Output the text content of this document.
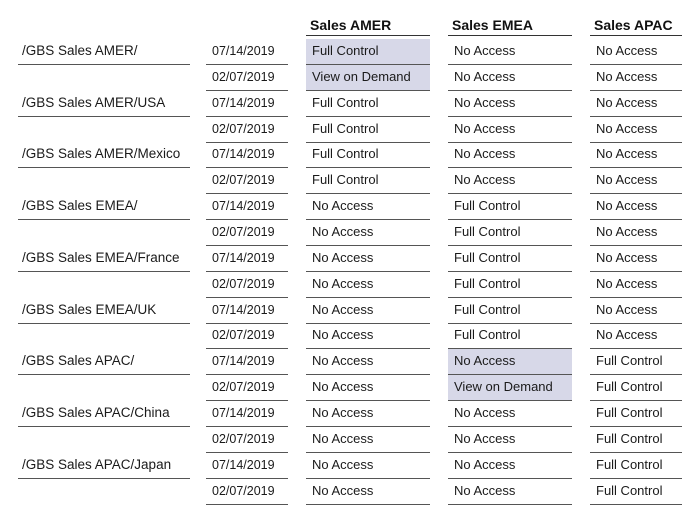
Sales AMER	Sales EMEA	Sales APAC
/GBS Sales AMER/	07/14/2019	Full Control	No Access	No Access
02/07/2019	View on Demand	No Access	No Access
/GBS Sales AMER/USA	07/14/2019	Full Control	No Access	No Access
02/07/2019	Full Control	No Access	No Access
/GBS Sales AMER/Mexico	07/14/2019	Full Control	No Access	No Access
02/07/2019	Full Control	No Access	No Access
/GBS Sales EMEA/	07/14/2019	No Access	Full Control	No Access
02/07/2019	No Access	Full Control	No Access
/GBS Sales EMEA/France	07/14/2019	No Access	Full Control	No Access
02/07/2019	No Access	Full Control	No Access
/GBS Sales EMEA/UK	07/14/2019	No Access	Full Control	No Access
02/07/2019	No Access	Full Control	No Access
/GBS Sales APAC/	07/14/2019	No Access	No Access	Full Control
02/07/2019	No Access	View on Demand	Full Control
/GBS Sales APAC/China	07/14/2019	No Access	No Access	Full Control
02/07/2019	No Access	No Access	Full Control
/GBS Sales APAC/Japan	07/14/2019	No Access	No Access	Full Control
02/07/2019	No Access	No Access	Full Control
